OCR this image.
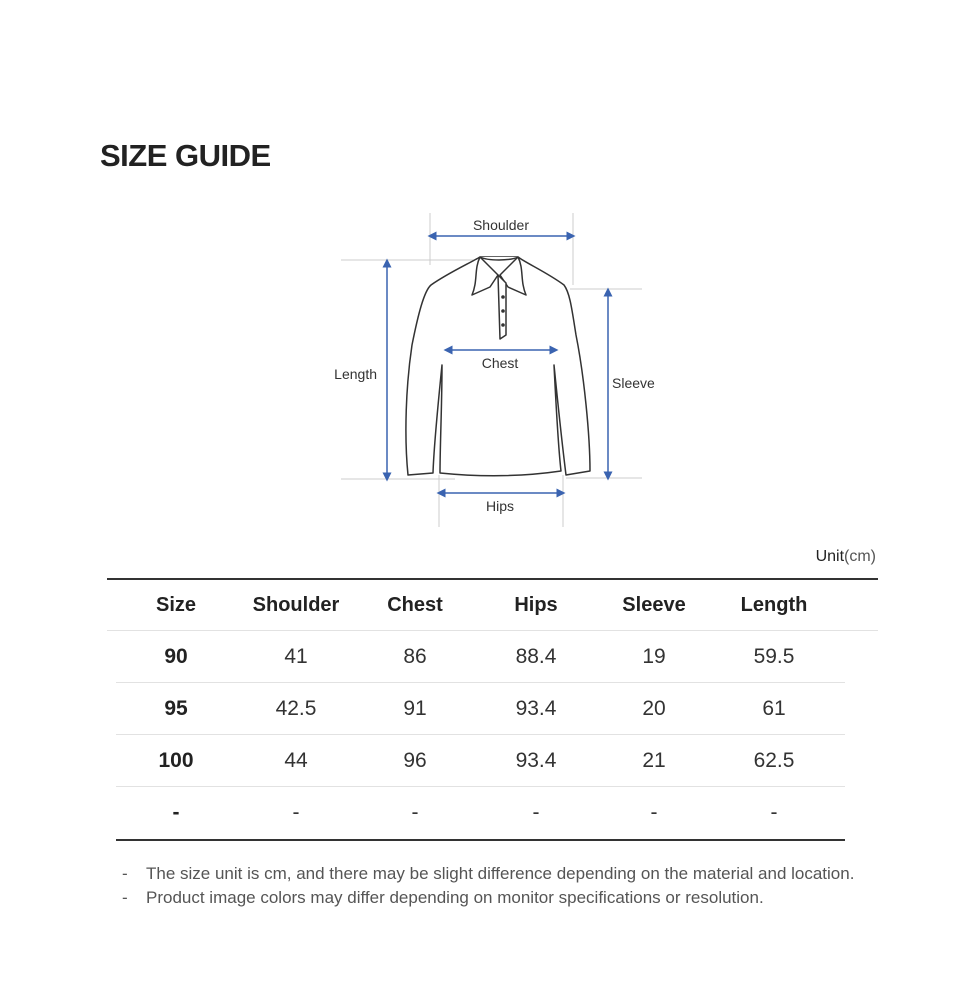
SIZE GUIDE
Shoulder
Length
Chest
Sleeve
Hips
Unit(cm)
Size	Shoulder	Chest	Hips	Sleeve	Length
90	41	86	88.4	19	59.5
95	42.5	91	93.4	20	61
100	44	96	93.4	21	62.5
-	-	-	-	-	-
-	The size unit is cm, and there may be slight difference depending on the material and location.
-	Product image colors may differ depending on monitor specifications or resolution.
